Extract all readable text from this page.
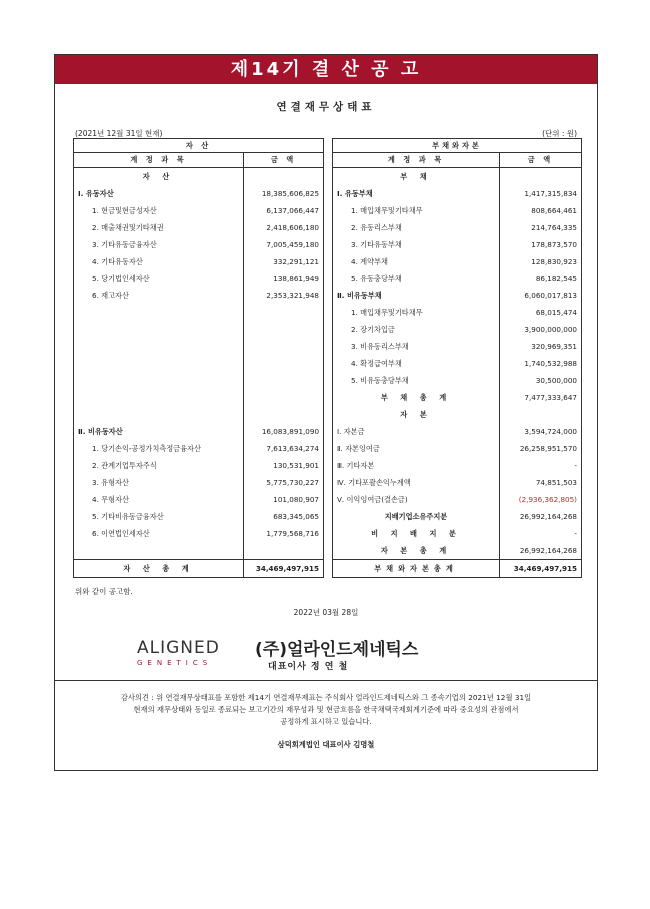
제14기 결 산 공 고
연결재무상태표
(2021년 12월 31일 현재)	(단위 : 원)
자 산	
계 정 과 목	금 액
자 산	
Ⅰ. 유동자산	18,385,606,825
1. 현금및현금성자산	6,137,066,447
2. 매출채권및기타채권	2,418,606,180
3. 기타유동금융자산	7,005,459,180
4. 기타유동자산	332,291,121
5. 당기법인세자산	138,861,949
6. 재고자산	2,353,321,948

Ⅱ. 비유동자산	16,083,891,090
1. 당기손익-공정가치측정금융자산	7,613,634,274
2. 관계기업투자주식	130,531,901
3. 유형자산	5,775,730,227
4. 무형자산	101,080,907
5. 기타비유동금융자산	683,345,065
6. 이연법인세자산	1,779,568,716

자 산 총 계	34,469,497,915
부채와자본	
계 정 과 목	금 액
부 채	
Ⅰ. 유동부채	1,417,315,834
1. 매입채무및기타채무	808,664,461
2. 유동리스부채	214,764,335
3. 기타유동부채	178,873,570
4. 계약부채	128,830,923
5. 유동충당부채	86,182,545
Ⅱ. 비유동부채	6,060,017,813
1. 매입채무및기타채무	68,015,474
2. 장기차입금	3,900,000,000
3. 비유동리스부채	320,969,351
4. 확정급여부채	1,740,532,988
5. 비유동충당부채	30,500,000
부 채 총 계	7,477,333,647
자 본	
Ⅰ. 자본금	3,594,724,000
Ⅱ. 자본잉여금	26,258,951,570
Ⅲ. 기타자본	-
Ⅳ. 기타포괄손익누계액	74,851,503
Ⅴ. 이익잉여금(결손금)	(2,936,362,805)
지배기업소유주지분	26,992,164,268
비 지 배 지 분	-
자 본 총 계	26,992,164,268
부채와자본총계	34,469,497,915
위와 같이 공고함.
2022년 03월 28일
ALIGNED
GENETICS
(주)얼라인드제네틱스
대표이사 정 연 철

감사의견 : 위 연결재무상태표를 포함한 제14기 연결재무제표는 주식회사 얼라인드제네틱스와 그 종속기업의 2021년 12월 31일

현재의 재무상태와 동일로 종료되는 보고기간의 재무성과 및 현금흐름을 한국채택국제회계기준에 따라 중요성의 관점에서

공정하게 표시하고 있습니다.

삼덕회계법인 대표이사 김명철
